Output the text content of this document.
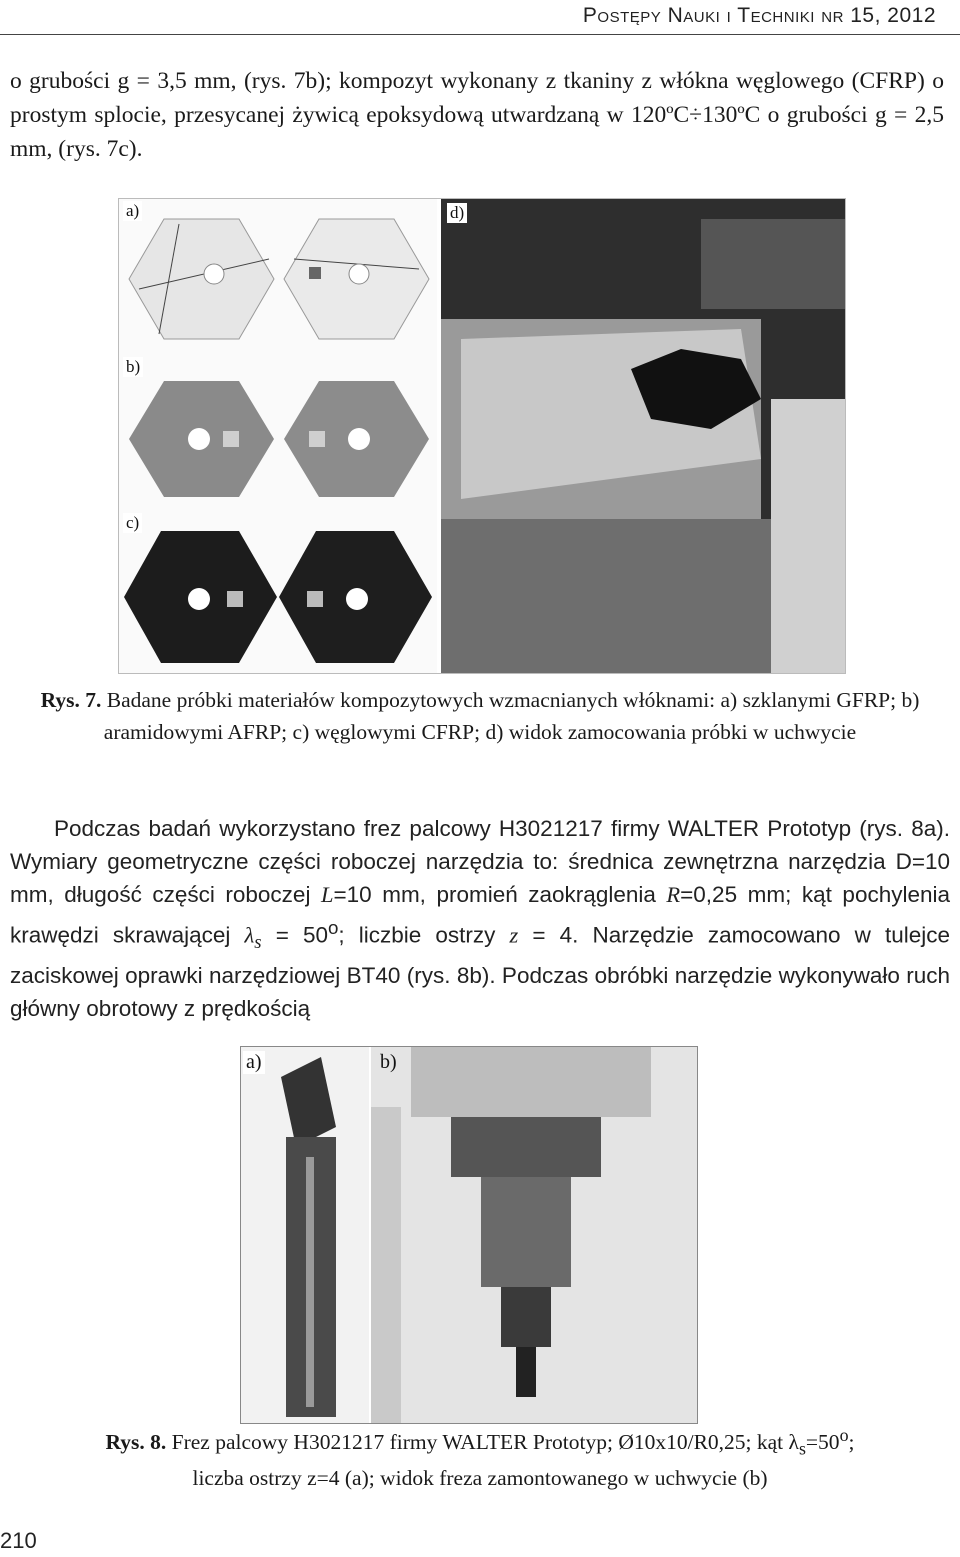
Postępy Nauki i Techniki nr 15, 2012

o grubości g = 3,5 mm, (rys. 7b); kompozyt wykonany z tkaniny z włókna węglowego (CFRP) o prostym splocie, przesycanej żywicą epoksydową utwardzaną w 120ºC÷130ºC o grubości g = 2,5 mm, (rys. 7c).

a)
b)
c)
d)
Rys. 7. Badane próbki materiałów kompozytowych wzmacnianych włóknami: a) szklanymi GFRP; b) aramidowymi AFRP; c) węglowymi CFRP; d) widok zamocowania próbki w uchwycie

Podczas badań wykorzystano frez palcowy H3021217 firmy WALTER Prototyp (rys. 8a). Wymiary geometryczne części roboczej narzędzia to: średnica zewnętrzna narzędzia D=10 mm, długość części roboczej L=10 mm, promień zaokrąglenia R=0,25 mm; kąt pochylenia krawędzi skrawającej $\lambda_s = 50^o$; liczbie ostrzy z = 4. Narzędzie zamocowano w tulejce zaciskowej oprawki narzędziowej BT40 (rys. 8b). Podczas obróbki narzędzie wykonywało ruch główny obrotowy z prędkością

a)	b)
Rys. 8. Frez palcowy H3021217 firmy WALTER Prototyp; Ø10x10/R0,25; kąt $\lambda_s=50^o$;
liczba ostrzy z=4 (a); widok freza zamontowanego w uchwycie (b)
210
